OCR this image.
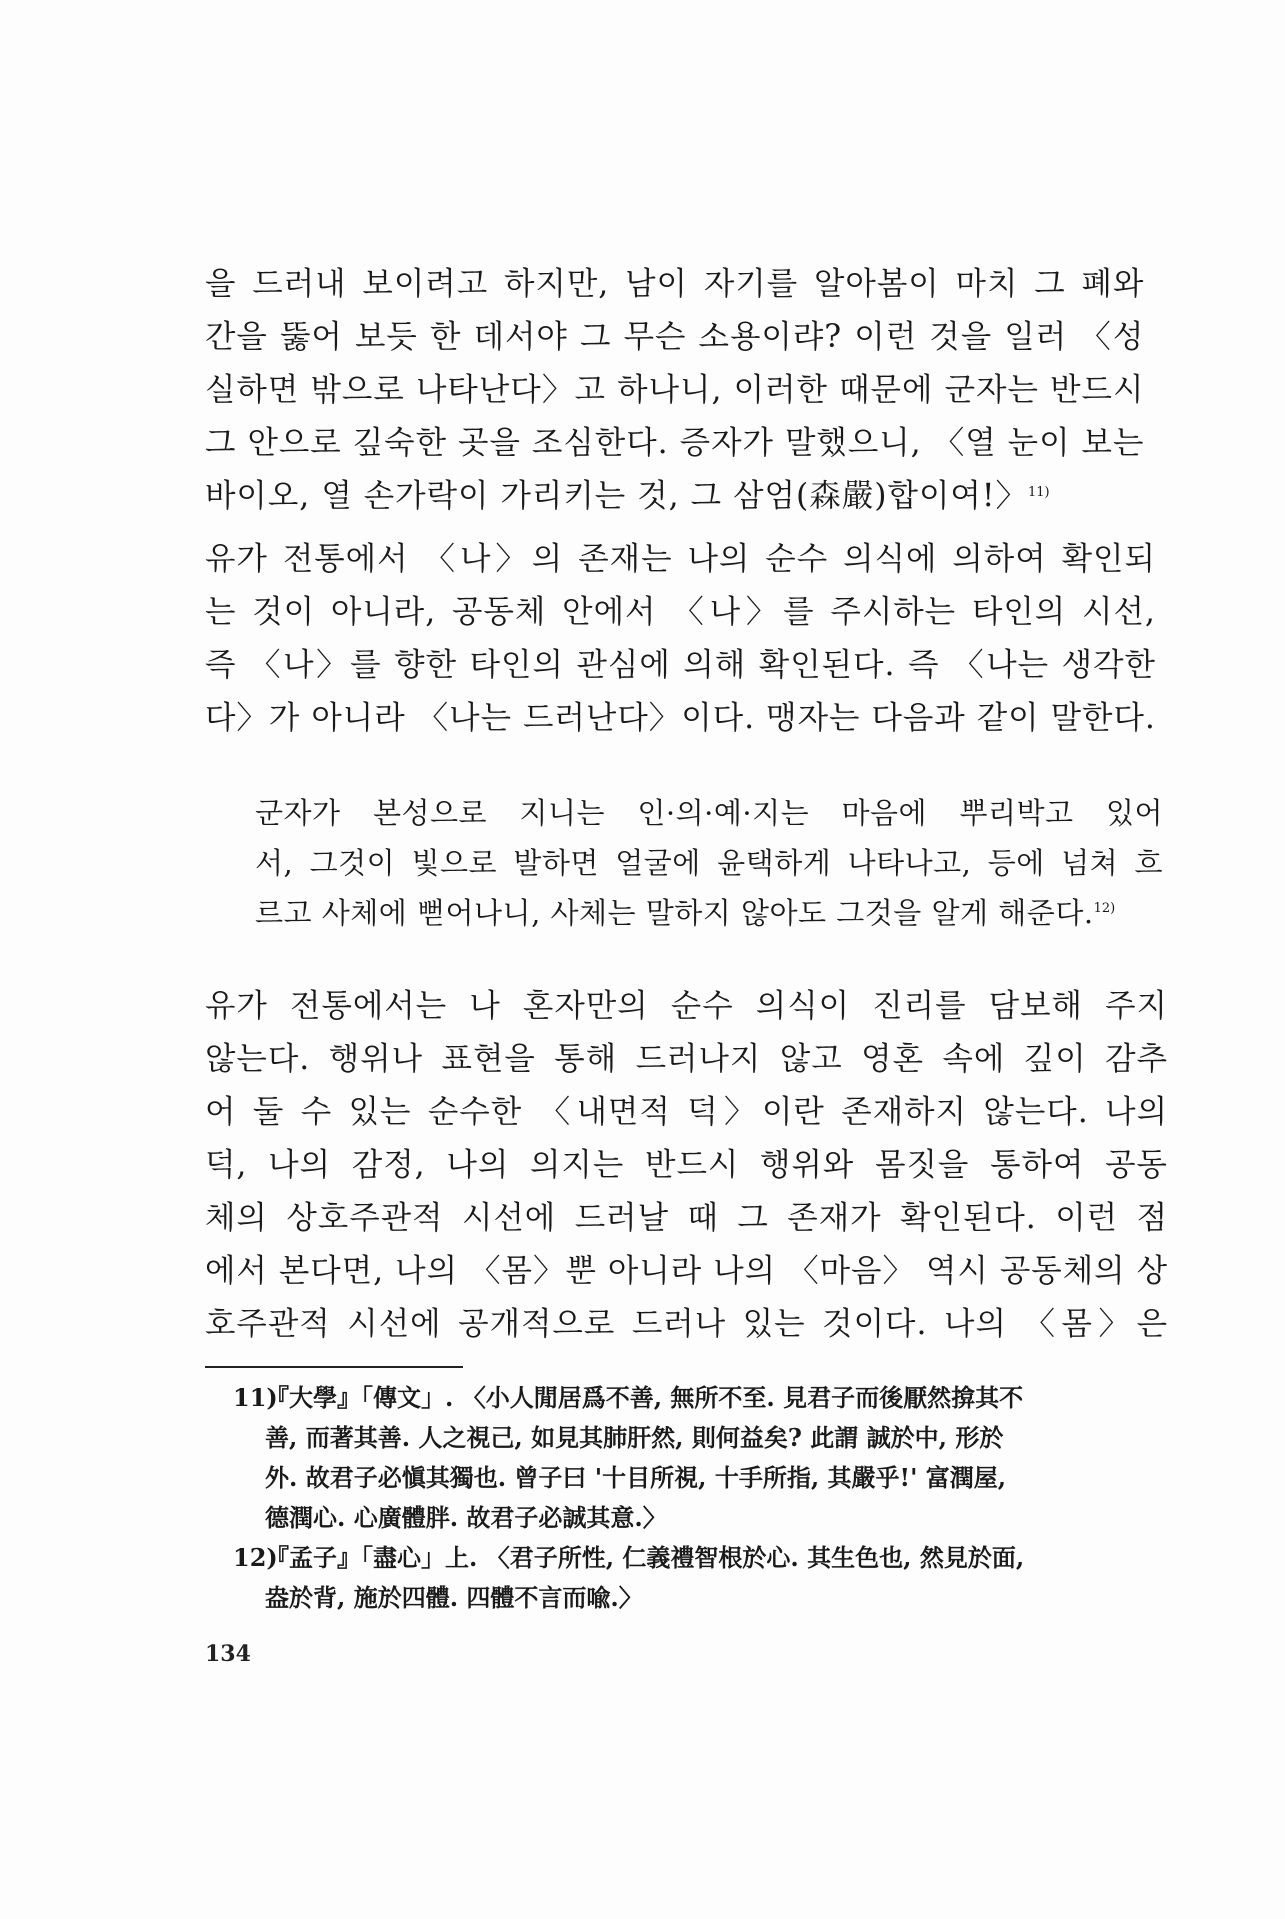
을 드러내 보이려고 하지만, 남이 자기를 알아봄이 마치 그 폐와
간을 뚫어 보듯 한 데서야 그 무슨 소용이랴? 이런 것을 일러 〈성
실하면 밖으로 나타난다〉고 하나니, 이러한 때문에 군자는 반드시
그 안으로 깊숙한 곳을 조심한다. 증자가 말했으니, 〈열 눈이 보는
바이오, 열 손가락이 가리키는 것, 그 삼엄(森嚴)합이여!〉$^{11)}$

유가 전통에서 〈나〉의 존재는 나의 순수 의식에 의하여 확인되
는 것이 아니라, 공동체 안에서 〈나〉를 주시하는 타인의 시선,
즉 〈나〉를 향한 타인의 관심에 의해 확인된다. 즉 〈나는 생각한
다〉가 아니라 〈나는 드러난다〉이다. 맹자는 다음과 같이 말한다.

군자가 본성으로 지니는 인·의·예·지는 마음에 뿌리박고 있어
서, 그것이 빛으로 발하면 얼굴에 윤택하게 나타나고, 등에 넘쳐 흐
르고 사체에 뻗어나니, 사체는 말하지 않아도 그것을 알게 해준다.$^{12)}$

유가 전통에서는 나 혼자만의 순수 의식이 진리를 담보해 주지
않는다. 행위나 표현을 통해 드러나지 않고 영혼 속에 깊이 감추
어 둘 수 있는 순수한 〈내면적 덕〉이란 존재하지 않는다. 나의
덕, 나의 감정, 나의 의지는 반드시 행위와 몸짓을 통하여 공동
체의 상호주관적 시선에 드러날 때 그 존재가 확인된다. 이런 점
에서 본다면, 나의 〈몸〉뿐 아니라 나의 〈마음〉 역시 공동체의 상
호주관적 시선에 공개적으로 드러나 있는 것이다. 나의 〈몸〉은

11)
『大學』「傳文」. 〈小人閒居爲不善, 無所不至. 見君子而後厭然揜其不
善, 而著其善. 人之視己, 如見其肺肝然, 則何益矣? 此謂 誠於中, 形於
外. 故君子必愼其獨也. 曾子曰 '十目所視, 十手所指, 其嚴乎!' 富潤屋,
德潤心. 心廣體胖. 故君子必誠其意.〉
12)
『孟子』「盡心」上. 〈君子所性, 仁義禮智根於心. 其生色也, 然見於面,
盎於背, 施於四體. 四體不言而喩.〉
134
